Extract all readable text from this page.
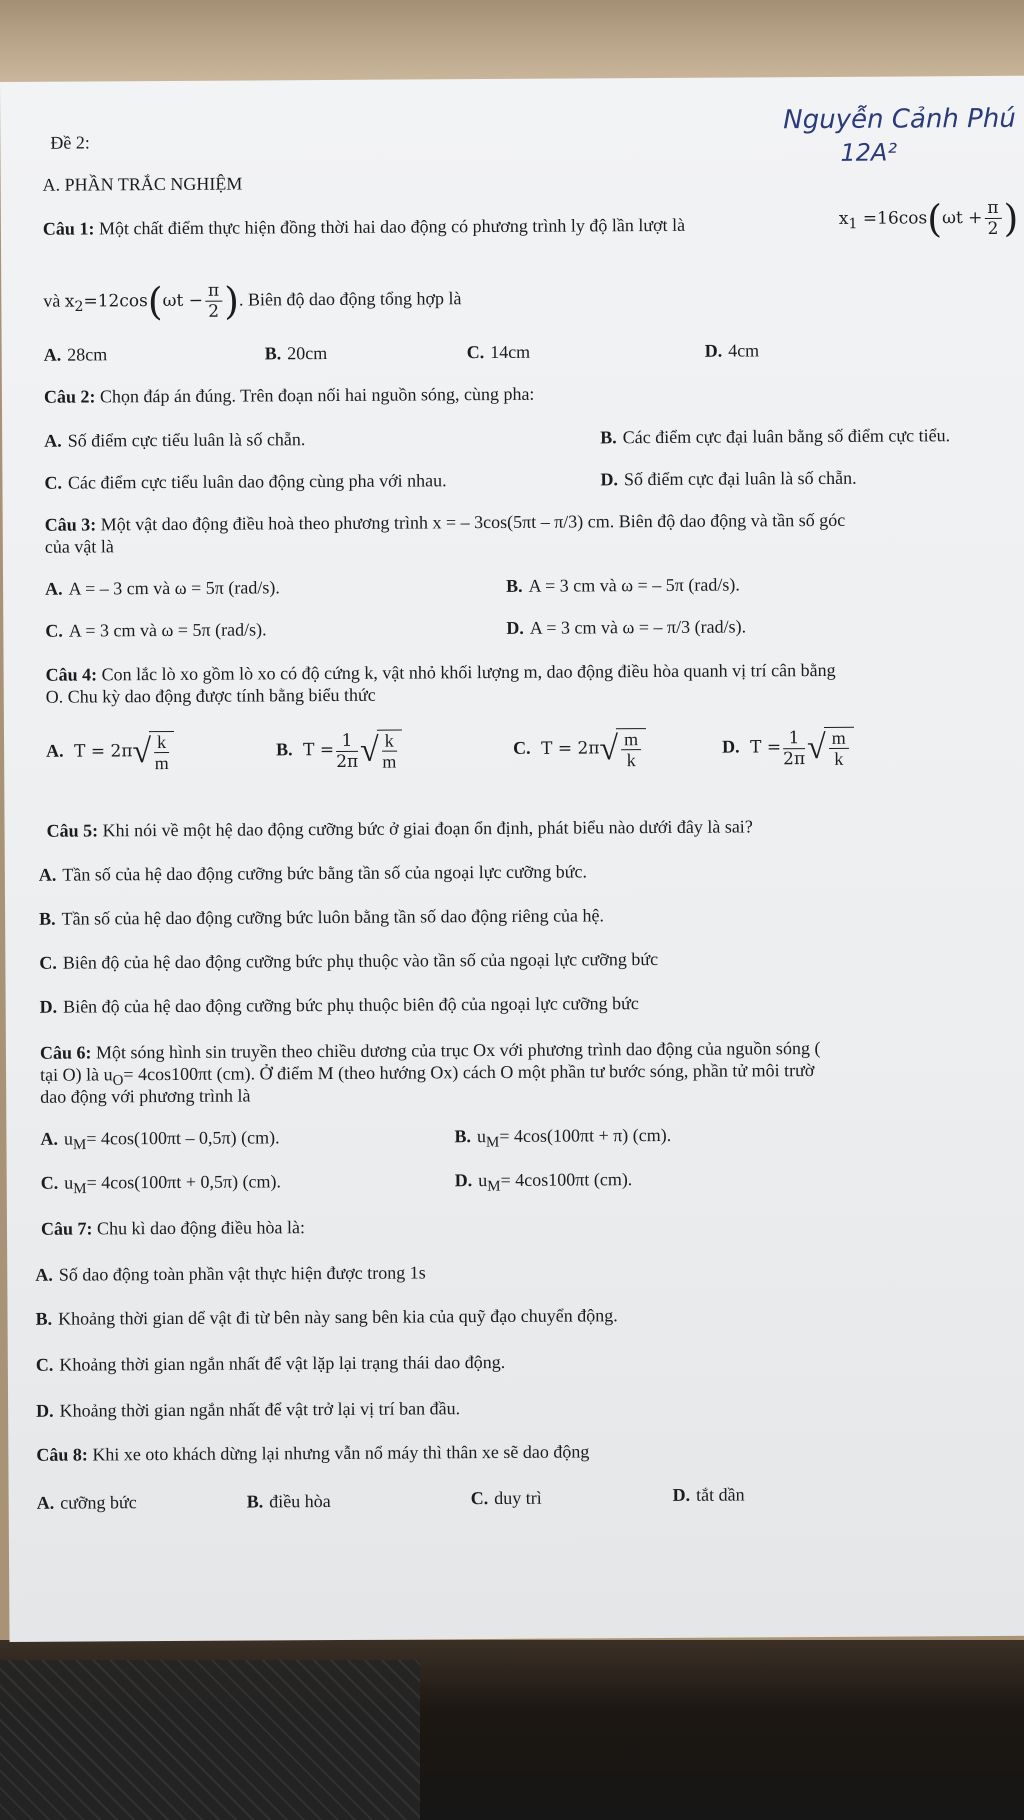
Đề 2:
Nguyễn Cảnh Phú
12A²
A. PHẦN TRẮC NGHIỆM
Câu 1: Một chất điểm thực hiện đồng thời hai dao động có phương trình ly độ lần lượt là	$x_1 =16\cos(\omega t + \frac{\pi}{2}$ )
và $x_2=12\cos(\omega t - \frac{\pi}{2}$ ). Biên độ dao động tổng hợp là
A. 28cm	B. 20cm	C. 14cm	D. 4cm
Câu 2: Chọn đáp án đúng. Trên đoạn nối hai nguồn sóng, cùng pha:
A. Số điểm cực tiểu luân là số chẵn.	B. Các điểm cực đại luân bằng số điểm cực tiểu.
C. Các điểm cực tiểu luân dao động cùng pha với nhau.	D. Số điểm cực đại luân là số chẵn.
Câu 3: Một vật dao động điều hoà theo phương trình x = – 3cos(5πt – π/3) cm. Biên độ dao động và tần số góc
của vật là
A. A = – 3 cm và ω = 5π (rad/s).	B. A = 3 cm và ω = – 5π (rad/s).
C. A = 3 cm và ω = 5π (rad/s).	D. A = 3 cm và ω = – π/3 (rad/s).
Câu 4: Con lắc lò xo gồm lò xo có độ cứng k, vật nhỏ khối lượng m, dao động điều hòa quanh vị trí cân bằng
O. Chu kỳ dao động được tính bằng biểu thức
A. $T = 2\pi√ \frac{k}{m}$	B. $T = \frac{1}{2\pi}$ √ $\frac{k}{m}$	C. $T = 2\pi√ \frac{m}{k}$	D. $T = \frac{1}{2\pi}$ √ $\frac{m}{k}$
Câu 5: Khi nói về một hệ dao động cưỡng bức ở giai đoạn ổn định, phát biểu nào dưới đây là sai?
A. Tần số của hệ dao động cưỡng bức bằng tần số của ngoại lực cưỡng bức.
B. Tần số của hệ dao động cưỡng bức luôn bằng tần số dao động riêng của hệ.
C. Biên độ của hệ dao động cưỡng bức phụ thuộc vào tần số của ngoại lực cưỡng bức
D. Biên độ của hệ dao động cưỡng bức phụ thuộc biên độ của ngoại lực cưỡng bức
Câu 6: Một sóng hình sin truyền theo chiều dương của trục Ox với phương trình dao động của nguồn sóng (
tại O) là $u_O= 4\cos 100\pi t$ (cm). Ở điểm M (theo hướng Ox) cách O một phần tư bước sóng, phần tử môi trườ
dao động với phương trình là
A. $u_M= 4\cos(100\pi t - 0,5\pi)$ (cm).	B. $u_M= 4\cos(100\pi t + \pi)$ (cm).
C. $u_M= 4\cos(100\pi t + 0,5\pi)$ (cm).	D. $u_M= 4\cos 100\pi t$ (cm).
Câu 7: Chu kì dao động điều hòa là:
A. Số dao động toàn phần vật thực hiện được trong 1s
B. Khoảng thời gian dể vật đi từ bên này sang bên kia của quỹ đạo chuyển động.
C. Khoảng thời gian ngắn nhất để vật lặp lại trạng thái dao động.
D. Khoảng thời gian ngắn nhất để vật trở lại vị trí ban đầu.
Câu 8: Khi xe oto khách dừng lại nhưng vẫn nổ máy thì thân xe sẽ dao động
A. cưỡng bức	B. điều hòa	C. duy trì	D. tắt dần
